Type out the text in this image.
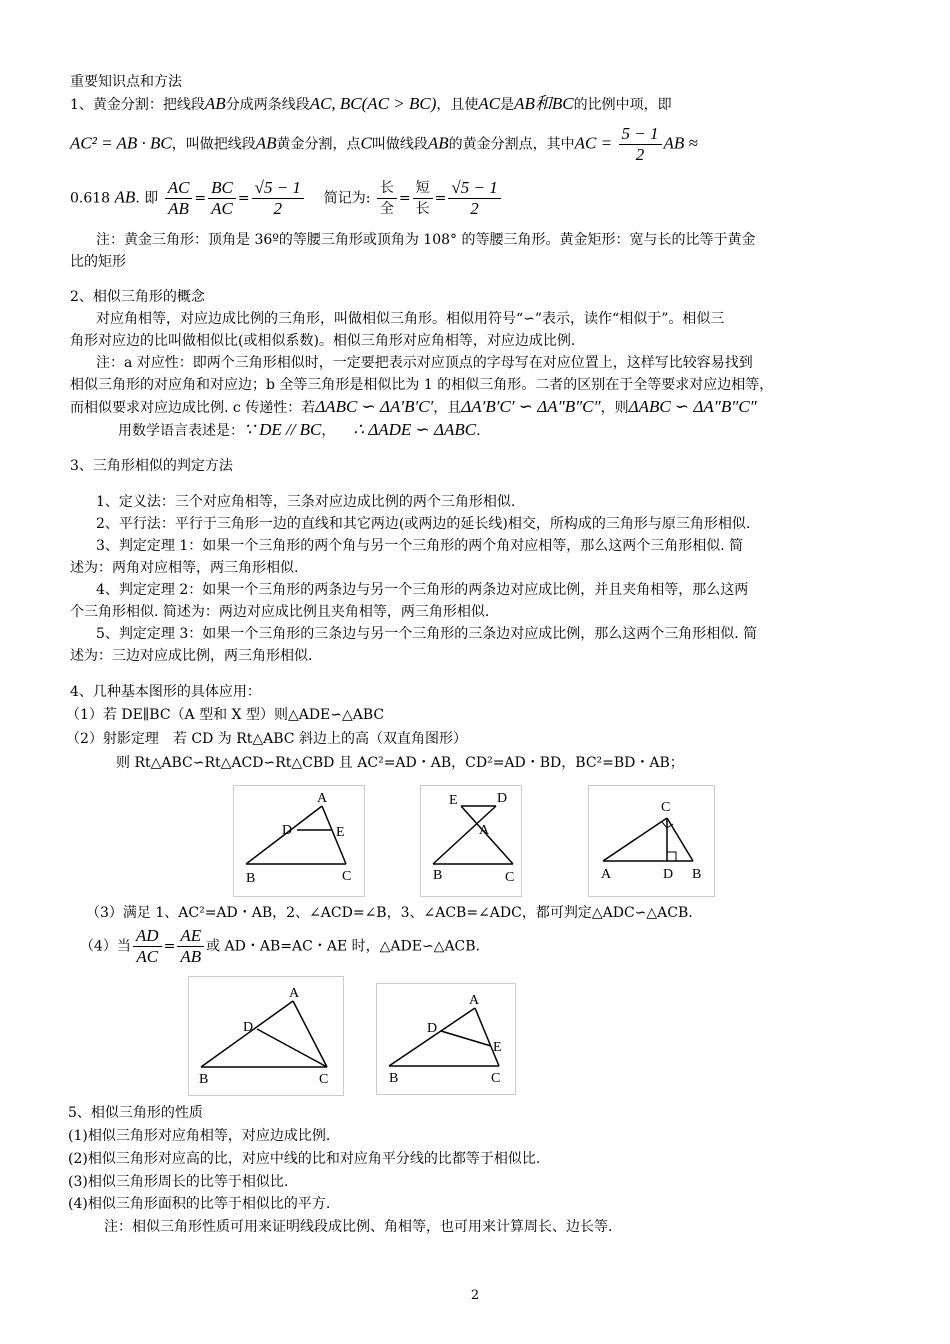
重要知识点和方法
1、黄金分割：把线段AB分成两条线段AC, BC(AC > BC)，且使AC是AB和BC的比例中项，即
AC² = AB · BC，叫做把线段AB黄金分割，点C叫做线段AB的黄金分割点，其中AC = $\frac{5 - 1}{2}$ AB ≈
0.618 AB. 即 $\frac{AC}{AB} = \frac{BC}{AC} = \frac{√5 - 1}{2}$ 简记为: $\frac{\text{长}}{\text{全}} = \frac{\text{短}}{\text{长}} = \frac{√5 - 1}{2}$
注：黄金三角形：顶角是 36º的等腰三角形或顶角为 108° 的等腰三角形。黄金矩形：宽与长的比等于黄金
比的矩形
2、相似三角形的概念
对应角相等，对应边成比例的三角形，叫做相似三角形。相似用符号“∽”表示，读作“相似于”。相似三
角形对应边的比叫做相似比(或相似系数)。相似三角形对应角相等，对应边成比例.
注：a 对应性：即两个三角形相似时，一定要把表示对应顶点的字母写在对应位置上，这样写比较容易找到
相似三角形的对应角和对应边；b 全等三角形是相似比为 1 的相似三角形。二者的区别在于全等要求对应边相等，
而相似要求对应边成比例. c 传递性：若ΔABC ∽ ΔA′B′C′，且ΔA′B′C′ ∽ ΔA″B″C″，则ΔABC ∽ ΔA″B″C″
用数学语言表述是：∵ DE // BC， ∴ ΔADE ∽ ΔABC.
3、三角形相似的判定方法
1、定义法：三个对应角相等，三条对应边成比例的两个三角形相似.
2、平行法：平行于三角形一边的直线和其它两边(或两边的延长线)相交，所构成的三角形与原三角形相似.
3、判定定理 1：如果一个三角形的两个角与另一个三角形的两个角对应相等，那么这两个三角形相似. 简
述为：两角对应相等，两三角形相似.
4、判定定理 2：如果一个三角形的两条边与另一个三角形的两条边对应成比例，并且夹角相等，那么这两
个三角形相似. 简述为：两边对应成比例且夹角相等，两三角形相似.
5、判定定理 3：如果一个三角形的三条边与另一个三角形的三条边对应成比例，那么这两个三角形相似. 简
述为：三边对应成比例，两三角形相似.
4、几种基本图形的具体应用：
（1）若 DE∥BC（A 型和 X 型）则△ADE∽△ABC
（2）射影定理　若 CD 为 Rt△ABC 斜边上的高（双直角图形）
则 Rt△ABC∽Rt△ACD∽Rt△CBD 且 AC²=AD・AB，CD²=AD・BD，BC²=BD・AB；
A
D	E
B	C
E	D
A
B	C
C
A	D B
（3）满足 1、AC²=AD・AB，2、∠ACD=∠B，3、∠ACB=∠ADC，都可判定△ADC∽△ACB.
（4）当 $\frac{AD}{AC} = \frac{AE}{AB}$ 或 AD・AB=AC・AE 时，△ADE∽△ACB.
A
D
B	C
A
D
E
B	C
5、相似三角形的性质
(1)相似三角形对应角相等，对应边成比例.
(2)相似三角形对应高的比，对应中线的比和对应角平分线的比都等于相似比.
(3)相似三角形周长的比等于相似比.
(4)相似三角形面积的比等于相似比的平方.
注：相似三角形性质可用来证明线段成比例、角相等，也可用来计算周长、边长等.
2
